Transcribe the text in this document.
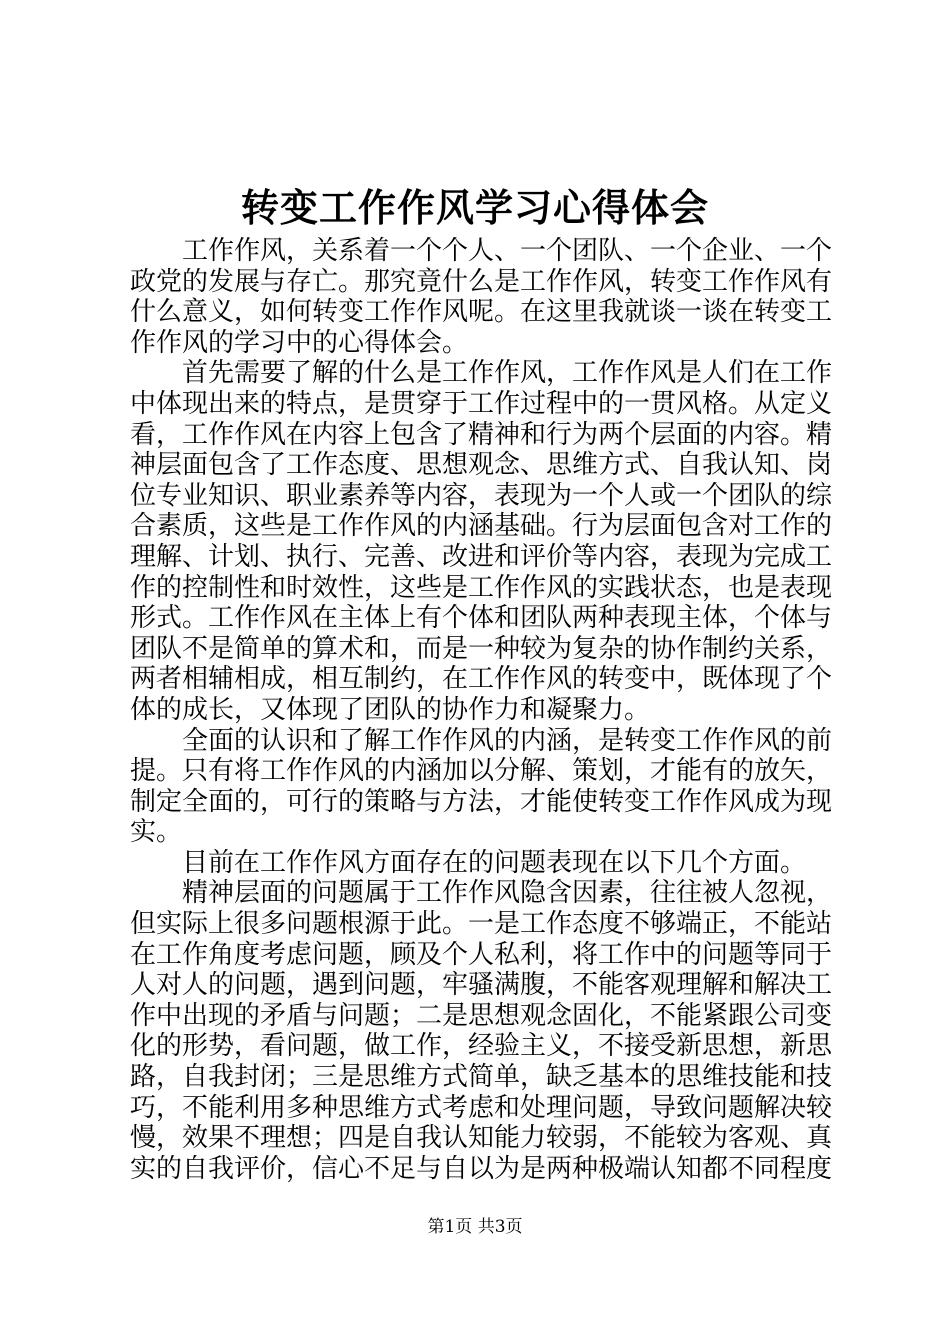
转变工作作风学习心得体会

工作作风，关系着一个个人、一个团队、一个企业、一个政党的发展与存亡。那究竟什么是工作作风，转变工作作风有什么意义，如何转变工作作风呢。在这里我就谈一谈在转变工作作风的学习中的心得体会。

首先需要了解的什么是工作作风，工作作风是人们在工作中体现出来的特点，是贯穿于工作过程中的一贯风格。从定义看，工作作风在内容上包含了精神和行为两个层面的内容。精神层面包含了工作态度、思想观念、思维方式、自我认知、岗位专业知识、职业素养等内容，表现为一个人或一个团队的综合素质，这些是工作作风的内涵基础。行为层面包含对工作的理解、计划、执行、完善、改进和评价等内容，表现为完成工作的控制性和时效性，这些是工作作风的实践状态，也是表现形式。工作作风在主体上有个体和团队两种表现主体，个体与团队不是简单的算术和，而是一种较为复杂的协作制约关系，两者相辅相成，相互制约，在工作作风的转变中，既体现了个体的成长，又体现了团队的协作力和凝聚力。

全面的认识和了解工作作风的内涵，是转变工作作风的前提。只有将工作作风的内涵加以分解、策划，才能有的放矢，制定全面的，可行的策略与方法，才能使转变工作作风成为现实。

目前在工作作风方面存在的问题表现在以下几个方面。

精神层面的问题属于工作作风隐含因素，往往被人忽视，但实际上很多问题根源于此。一是工作态度不够端正，不能站在工作角度考虑问题，顾及个人私利，将工作中的问题等同于人对人的问题，遇到问题，牢骚满腹，不能客观理解和解决工作中出现的矛盾与问题；二是思想观念固化，不能紧跟公司变化的形势，看问题，做工作，经验主义，不接受新思想，新思路，自我封闭；三是思维方式简单，缺乏基本的思维技能和技巧，不能利用多种思维方式考虑和处理问题，导致问题解决较慢，效果不理想；四是自我认知能力较弱，不能较为客观、真实的自我评价，信心不足与自以为是两种极端认知都不同程度

第1页 共3页
